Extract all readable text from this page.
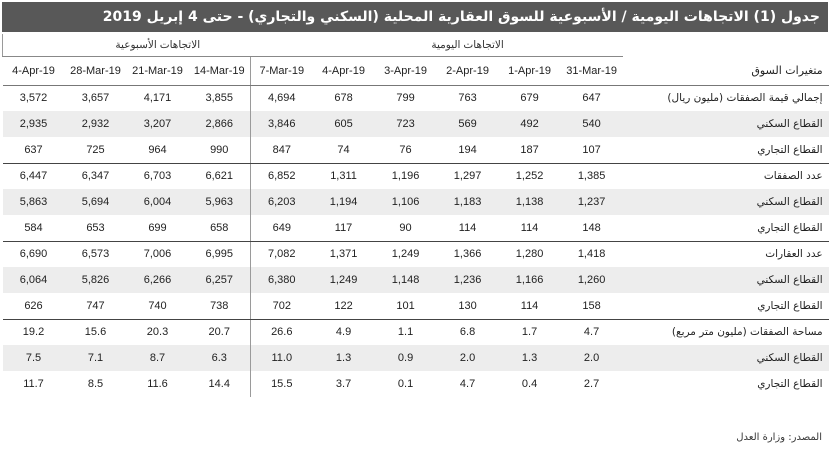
جدول (1) الاتجاهات اليومية / الأسبوعية للسوق العقارية المحلية (السكني والتجاري) - حتى 4 إبريل 2019
الاتجاهات الأسبوعية					الاتجاهات اليومية					
4-Apr-19	28-Mar-19	21-Mar-19	14-Mar-19	7-Mar-19	4-Apr-19	3-Apr-19	2-Apr-19	1-Apr-19	31-Mar-19	متغيرات السوق
3,572	3,657	4,171	3,855	4,694	678	799	763	679	647	إجمالي قيمة الصفقات (مليون ريال)
2,935	2,932	3,207	2,866	3,846	605	723	569	492	540	القطاع السكني
637	725	964	990	847	74	76	194	187	107	القطاع التجاري
6,447	6,347	6,703	6,621	6,852	1,311	1,196	1,297	1,252	1,385	عدد الصفقات
5,863	5,694	6,004	5,963	6,203	1,194	1,106	1,183	1,138	1,237	القطاع السكني
584	653	699	658	649	117	90	114	114	148	القطاع التجاري
6,690	6,573	7,006	6,995	7,082	1,371	1,249	1,366	1,280	1,418	عدد العقارات
6,064	5,826	6,266	6,257	6,380	1,249	1,148	1,236	1,166	1,260	القطاع السكني
626	747	740	738	702	122	101	130	114	158	القطاع التجاري
19.2	15.6	20.3	20.7	26.6	4.9	1.1	6.8	1.7	4.7	مساحة الصفقات (مليون متر مربع)
7.5	7.1	8.7	6.3	11.0	1.3	0.9	2.0	1.3	2.0	القطاع السكني
11.7	8.5	11.6	14.4	15.5	3.7	0.1	4.7	0.4	2.7	القطاع التجاري
المصدر: وزارة العدل
